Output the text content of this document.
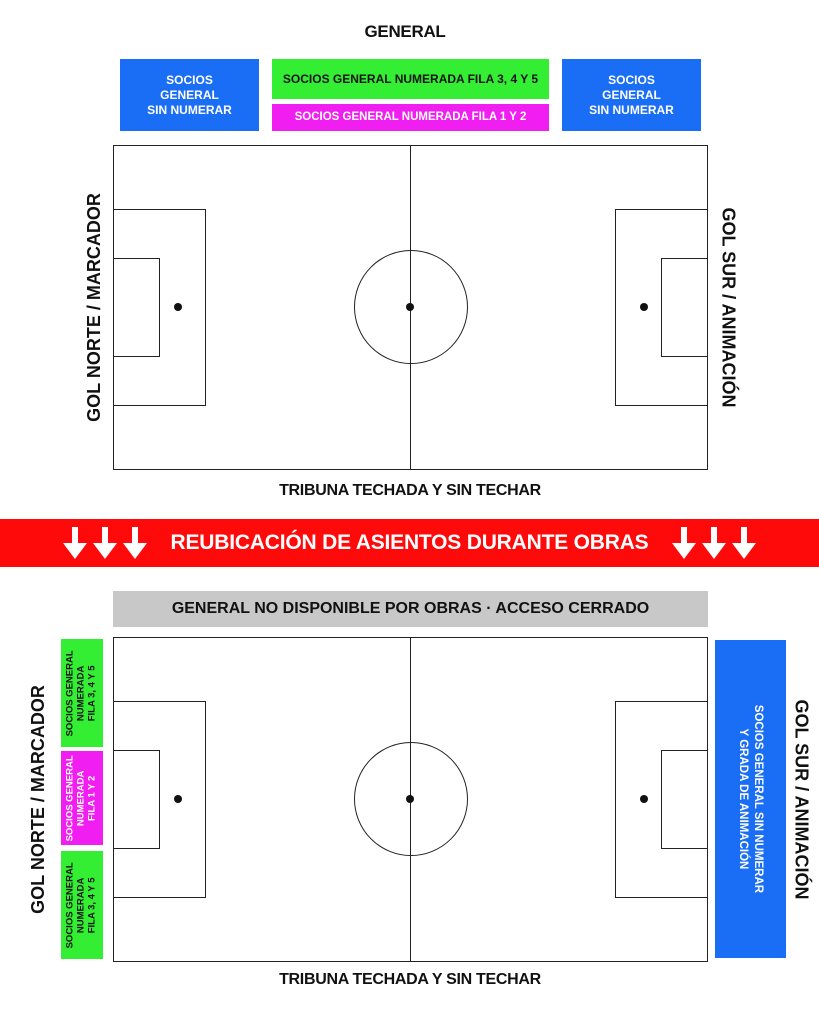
GENERAL
SOCIOS
GENERAL
SIN NUMERAR
SOCIOS GENERAL NUMERADA FILA 3, 4 Y 5
SOCIOS GENERAL NUMERADA FILA 1 Y 2
SOCIOS
GENERAL
SIN NUMERAR
GOL NORTE / MARCADOR	GOL SUR / ANIMACIÓN
TRIBUNA TECHADA Y SIN TECHAR
REUBICACIÓN DE ASIENTOS DURANTE OBRAS
GENERAL NO DISPONIBLE POR OBRAS · ACCESO CERRADO
SOCIOS GENERAL NUMERADA FILA 3, 4 Y 5
SOCIOS GENERAL NUMERADA FILA 1 Y 2
SOCIOS GENERAL NUMERADA FILA 3, 4 Y 5
SOCIOS GENERAL SIN NUMERAR
Y GRADA DE ANIMACIÓN
GOL NORTE / MARCADOR	GOL SUR / ANIMACIÓN
TRIBUNA TECHADA Y SIN TECHAR
